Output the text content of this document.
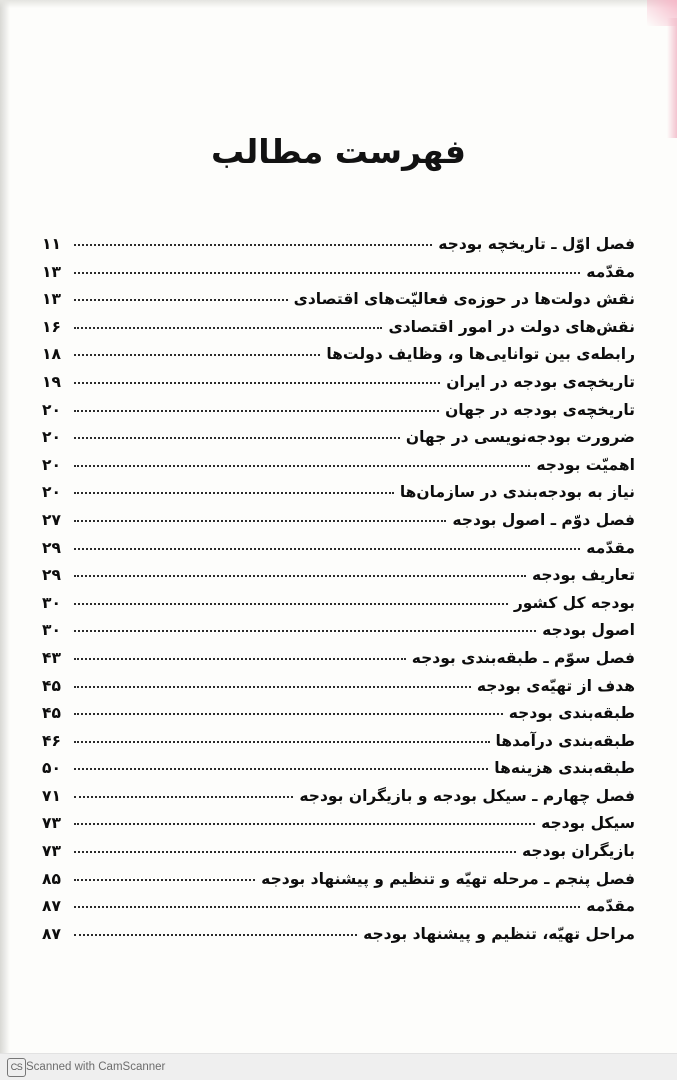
فهرست مطالب
فصل اوّل ـ تاریخچه بودجه
۱۱
مقدّمه
۱۳
نقش دولت‌ها در حوزه‌ی فعالیّت‌های اقتصادی
۱۳
نقش‌های دولت در امور اقتصادی
۱۶
رابطه‌ی بین توانایی‌ها و، وظایف دولت‌ها
۱۸
تاریخچه‌ی بودجه در ایران
۱۹
تاریخچه‌ی بودجه در جهان
۲۰
ضرورت بودجه‌نویسی در جهان
۲۰
اهمیّت بودجه
۲۰
نیاز به بودجه‌بندی در سازمان‌ها
۲۰
فصل دوّم ـ اصول بودجه
۲۷
مقدّمه
۲۹
تعاریف بودجه
۲۹
بودجه کل کشور
۳۰
اصول بودجه
۳۰
فصل سوّم ـ طبقه‌بندی بودجه
۴۳
هدف از تهیّه‌ی بودجه
۴۵
طبقه‌بندی بودجه
۴۵
طبقه‌بندی درآمدها
۴۶
طبقه‌بندی هزینه‌ها
۵۰
فصل چهارم ـ سیکل بودجه و بازیگران بودجه
۷۱
سیکل بودجه
۷۳
بازیگران بودجه
۷۳
فصل پنجم ـ مرحله تهیّه و تنظیم و پیشنهاد بودجه
۸۵
مقدّمه
۸۷
مراحل تهیّه، تنظیم و پیشنهاد بودجه
۸۷
CS Scanned with CamScanner
